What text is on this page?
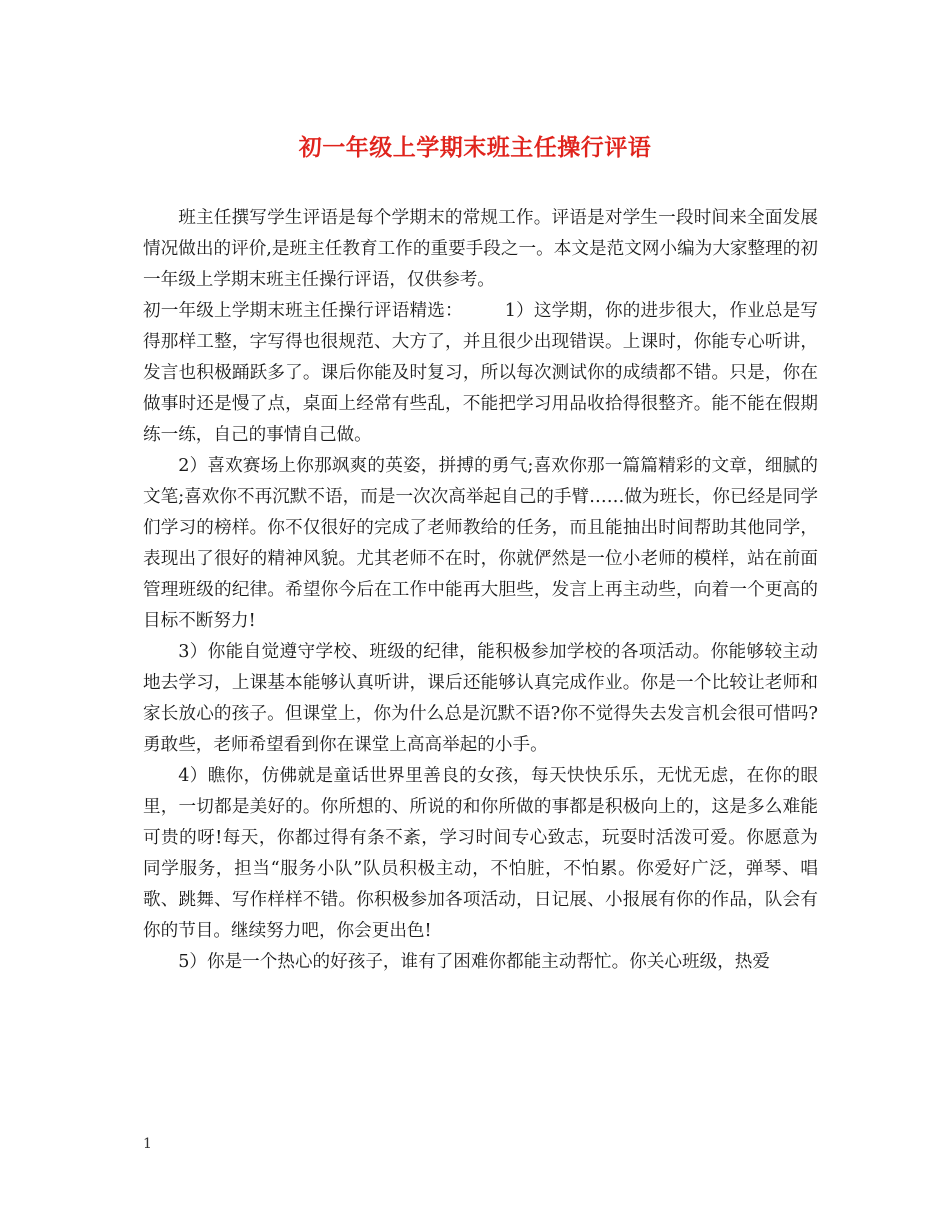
初一年级上学期末班主任操行评语

班主任撰写学生评语是每个学期末的常规工作。评语是对学生一段时间来全面发展情况做出的评价,是班主任教育工作的重要手段之一。本文是范文网小编为大家整理的初一年级上学期末班主任操行评语，仅供参考。

初一年级上学期末班主任操行评语精选： 1）这学期，你的进步很大，作业总是写得那样工整，字写得也很规范、大方了，并且很少出现错误。上课时，你能专心听讲，发言也积极踊跃多了。课后你能及时复习，所以每次测试你的成绩都不错。只是，你在做事时还是慢了点，桌面上经常有些乱，不能把学习用品收拾得很整齐。能不能在假期练一练，自己的事情自己做。

2）喜欢赛场上你那飒爽的英姿，拼搏的勇气;喜欢你那一篇篇精彩的文章，细腻的文笔;喜欢你不再沉默不语，而是一次次高举起自己的手臂……做为班长，你已经是同学们学习的榜样。你不仅很好的完成了老师教给的任务，而且能抽出时间帮助其他同学，表现出了很好的精神风貌。尤其老师不在时，你就俨然是一位小老师的模样，站在前面管理班级的纪律。希望你今后在工作中能再大胆些，发言上再主动些，向着一个更高的目标不断努力!

3）你能自觉遵守学校、班级的纪律，能积极参加学校的各项活动。你能够较主动地去学习，上课基本能够认真听讲，课后还能够认真完成作业。你是一个比较让老师和家长放心的孩子。但课堂上，你为什么总是沉默不语?你不觉得失去发言机会很可惜吗?勇敢些，老师希望看到你在课堂上高高举起的小手。

4）瞧你，仿佛就是童话世界里善良的女孩，每天快快乐乐，无忧无虑，在你的眼里，一切都是美好的。你所想的、所说的和你所做的事都是积极向上的，这是多么难能可贵的呀!每天，你都过得有条不紊，学习时间专心致志，玩耍时活泼可爱。你愿意为同学服务，担当“服务小队”队员积极主动，不怕脏，不怕累。你爱好广泛，弹琴、唱歌、跳舞、写作样样不错。你积极参加各项活动，日记展、小报展有你的作品，队会有你的节目。继续努力吧，你会更出色!

5）你是一个热心的好孩子，谁有了困难你都能主动帮忙。你关心班级，热爱

1
